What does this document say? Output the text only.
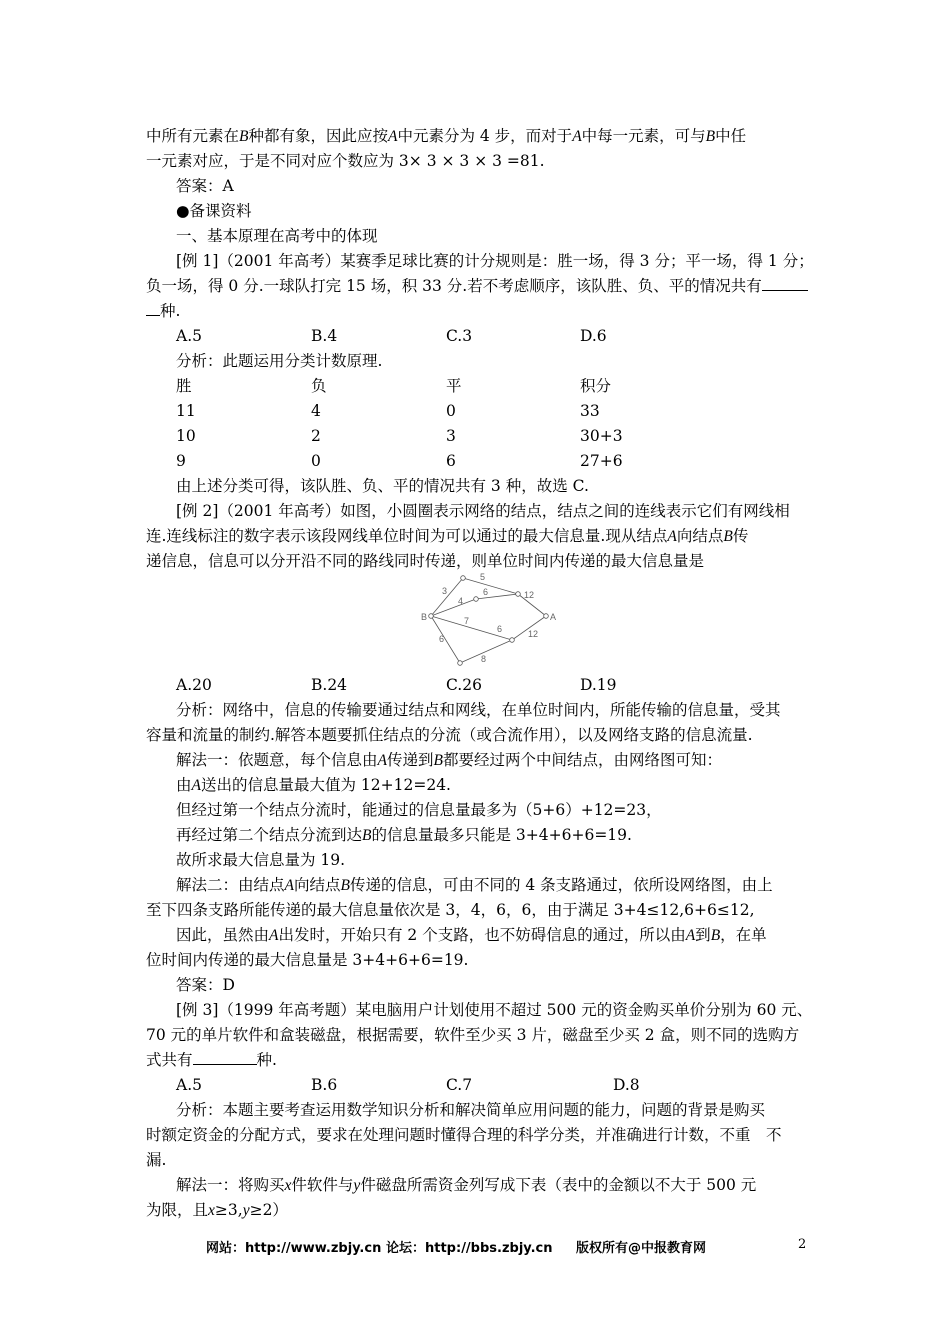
中所有元素在B种都有象，因此应按A中元素分为 4 步，而对于A中每一元素，可与B中任
一元素对应，于是不同对应个数应为 3× 3 × 3 × 3 =81.
答案：A
●备课资料
一、基本原理在高考中的体现
[例 1]（2001 年高考）某赛季足球比赛的计分规则是：胜一场，得 3 分；平一场，得 1 分；
负一场，得 0 分.一球队打完 15 场，积 33 分.若不考虑顺序，该队胜、负、平的情况共有
种.
A.5	B.4	C.3	D.6
分析：此题运用分类计数原理.
胜	负	平	积分
11	4	0	33
10	2	3	30+3
9	0	6	27+6
由上述分类可得，该队胜、负、平的情况共有 3 种，故选 C.
[例 2]（2001 年高考）如图，小圆圈表示网络的结点，结点之间的连线表示它们有网线相
连.连线标注的数字表示该段网线单位时间为可以通过的最大信息量.现从结点A向结点B传
递信息，信息可以分开沿不同的路线同时传递，则单位时间内传递的最大信息量是
B	A
3
5
4
6	12
7
6	12
6
8
A.20	B.24	C.26	D.19
分析：网络中，信息的传输要通过结点和网线，在单位时间内，所能传输的信息量，受其
容量和流量的制约.解答本题要抓住结点的分流（或合流作用），以及网络支路的信息流量.
解法一：依题意，每个信息由A传递到B都要经过两个中间结点，由网络图可知：
由A送出的信息量最大值为 12+12=24.
但经过第一个结点分流时，能通过的信息量最多为（5+6）+12=23，
再经过第二个结点分流到达B的信息量最多只能是 3+4+6+6=19.
故所求最大信息量为 19.
解法二：由结点A向结点B传递的信息，可由不同的 4 条支路通过，依所设网络图，由上
至下四条支路所能传递的最大信息量依次是 3，4，6，6，由于满足 3+4≤12,6+6≤12,
因此，虽然由A出发时，开始只有 2 个支路，也不妨碍信息的通过，所以由A到B，在单
位时间内传递的最大信息量是 3+4+6+6=19.
答案：D
[例 3]（1999 年高考题）某电脑用户计划使用不超过 500 元的资金购买单价分别为 60 元、
70 元的单片软件和盒装磁盘，根据需要，软件至少买 3 片，磁盘至少买 2 盒，则不同的选购方
式共有	种.
A.5	B.6	C.7	D.8
分析：本题主要考查运用数学知识分析和解决简单应用问题的能力，问题的背景是购买
时额定资金的分配方式，要求在处理问题时懂得合理的科学分类，并准确进行计数，不重　不
漏.
解法一：将购买x件软件与y件磁盘所需资金列写成下表（表中的金额以不大于 500 元
为限，且x≥3,y≥2）
网站：http://www.zbjy.cn 论坛：http://bbs.zbjy.cn 版权所有@中报教育网	2
